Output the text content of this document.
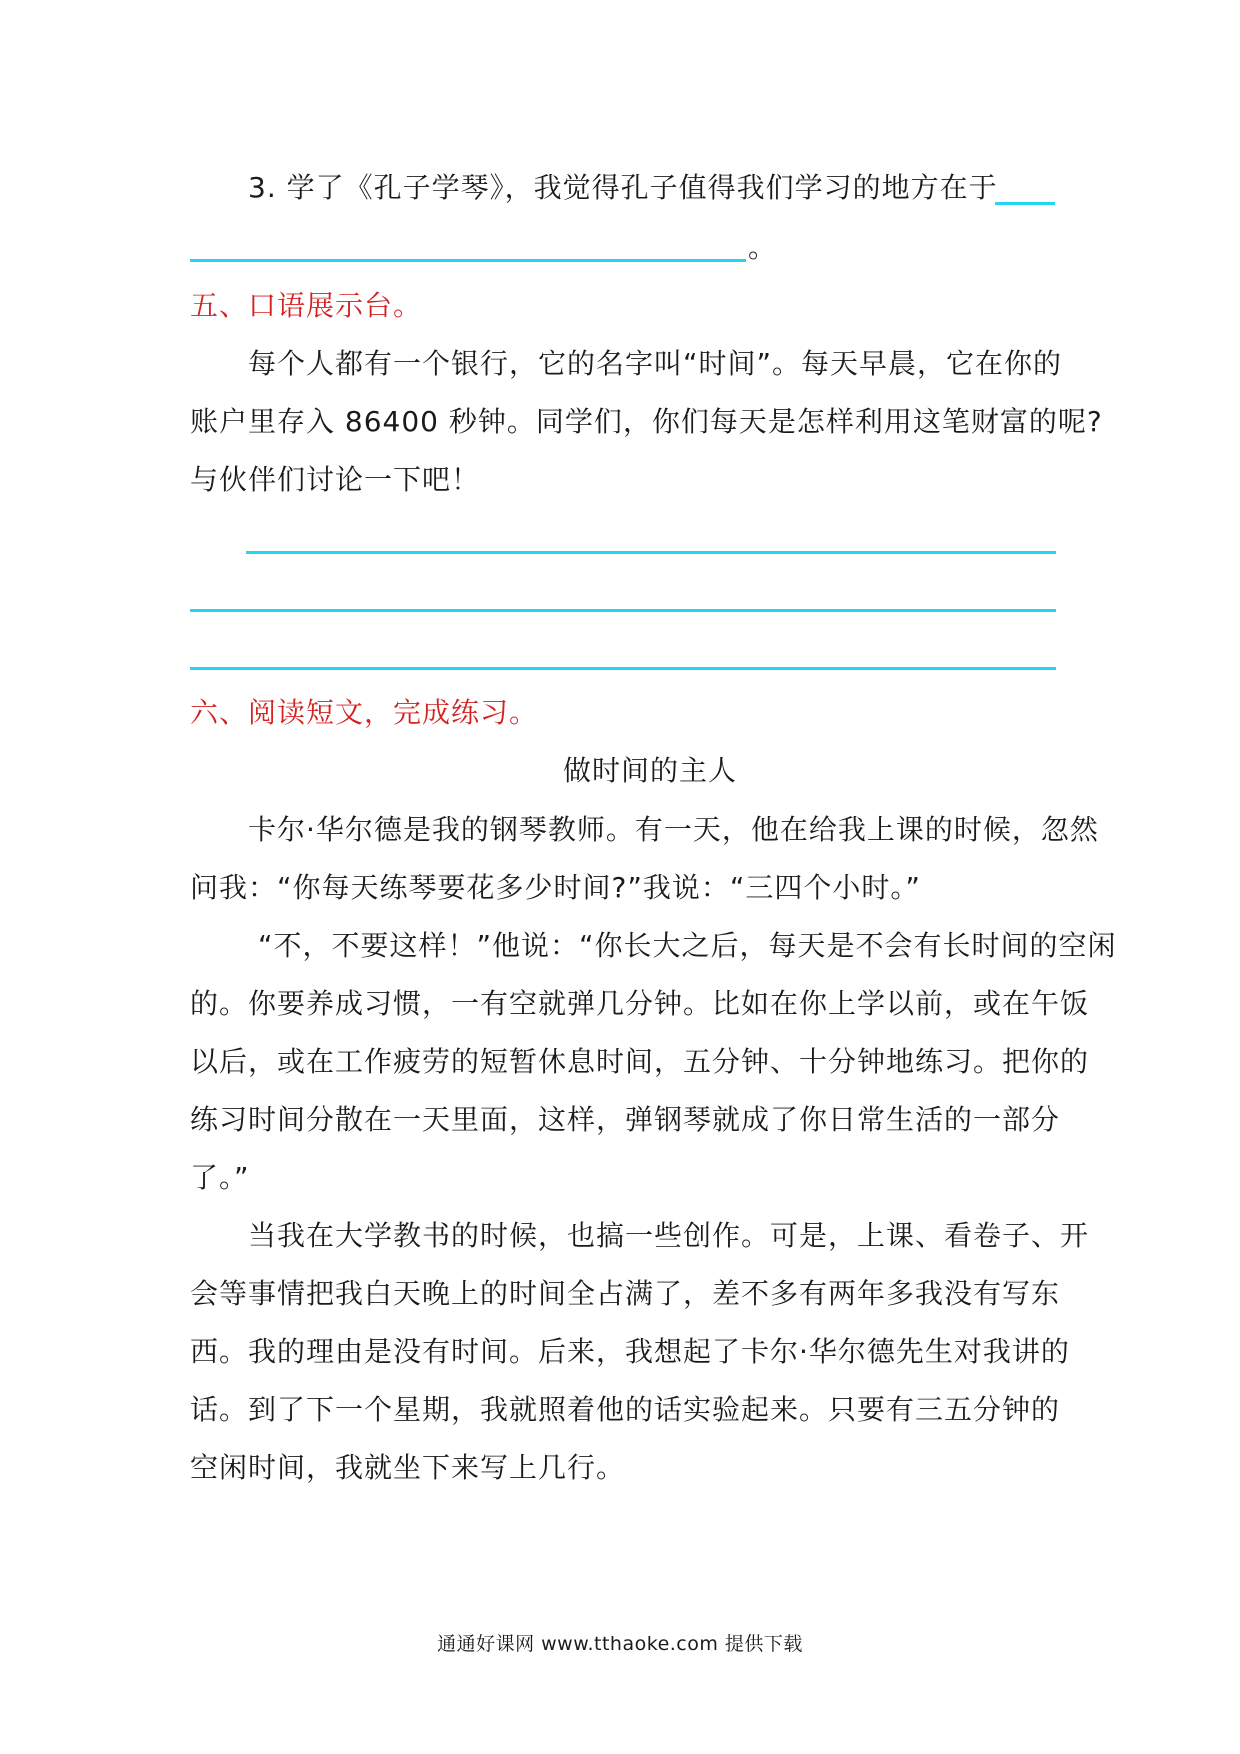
3. 学了《孔子学琴》，我觉得孔子值得我们学习的地方在于
。
五、口语展示台。
每个人都有一个银行，它的名字叫“时间”。每天早晨，它在你的
账户里存入 86400 秒钟。同学们，你们每天是怎样利用这笔财富的呢?
与伙伴们讨论一下吧！
六、阅读短文，完成练习。
做时间的主人
卡尔·华尔德是我的钢琴教师。有一天，他在给我上课的时候，忽然
问我：“你每天练琴要花多少时间?”我说：“三四个小时。”
“不，不要这样！”他说：“你长大之后，每天是不会有长时间的空闲
的。你要养成习惯，一有空就弹几分钟。比如在你上学以前，或在午饭
以后，或在工作疲劳的短暂休息时间，五分钟、十分钟地练习。把你的
练习时间分散在一天里面，这样，弹钢琴就成了你日常生活的一部分
了。”
当我在大学教书的时候，也搞一些创作。可是，上课、看卷子、开
会等事情把我白天晚上的时间全占满了，差不多有两年多我没有写东
西。我的理由是没有时间。后来，我想起了卡尔·华尔德先生对我讲的
话。到了下一个星期，我就照着他的话实验起来。只要有三五分钟的
空闲时间，我就坐下来写上几行。
通通好课网 www.tthaoke.com 提供下载
